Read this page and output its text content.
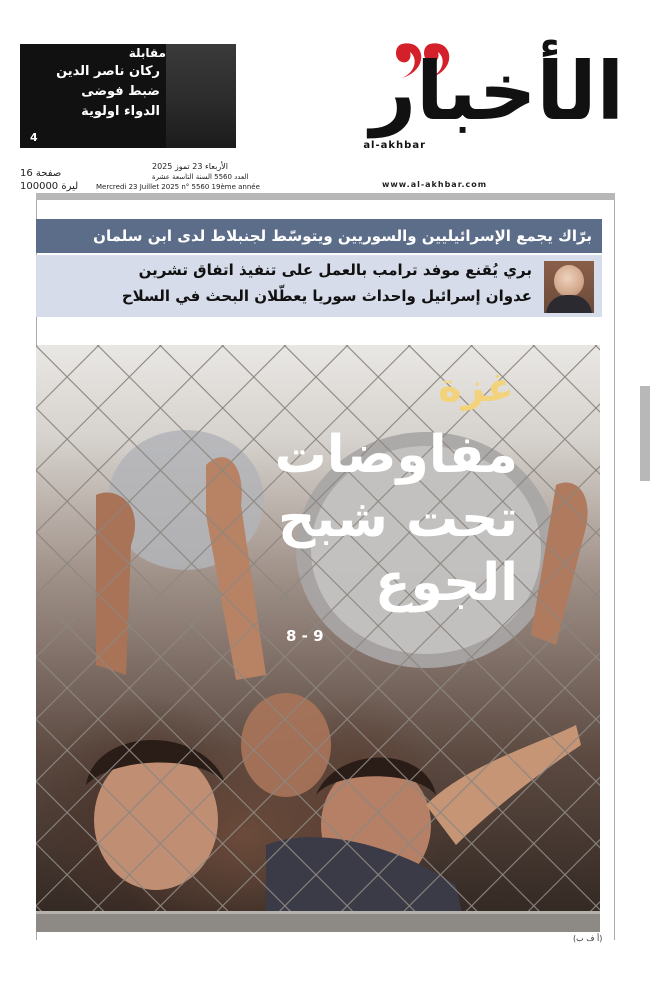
مقابلة
ركان ناصر الدين
ضبط فوضى
الدواء اولوية
4	الأخبار
al-akhbar
16 صفحة
100000 ليرة
الأربعاء 23 تموز 2025
العدد 5560 السنة التاسعة عشرة
Mercredi 23 Juillet 2025 n° 5560 19ème année	www.al-akhbar.com
برّاك يجمع الإسرائيليين والسوريين ويتوسّط لجنبلاط لدى ابن سلمان
بري يُقنع موفد ترامب بالعمل على تنفيذ اتفاق تشرين
عدوان إسرائيل واحداث سوريا يعطّلان البحث في السلاح
غزة
مفاوضات
تحت شبح
الجوع
8 - 9
(أ ف ب)
